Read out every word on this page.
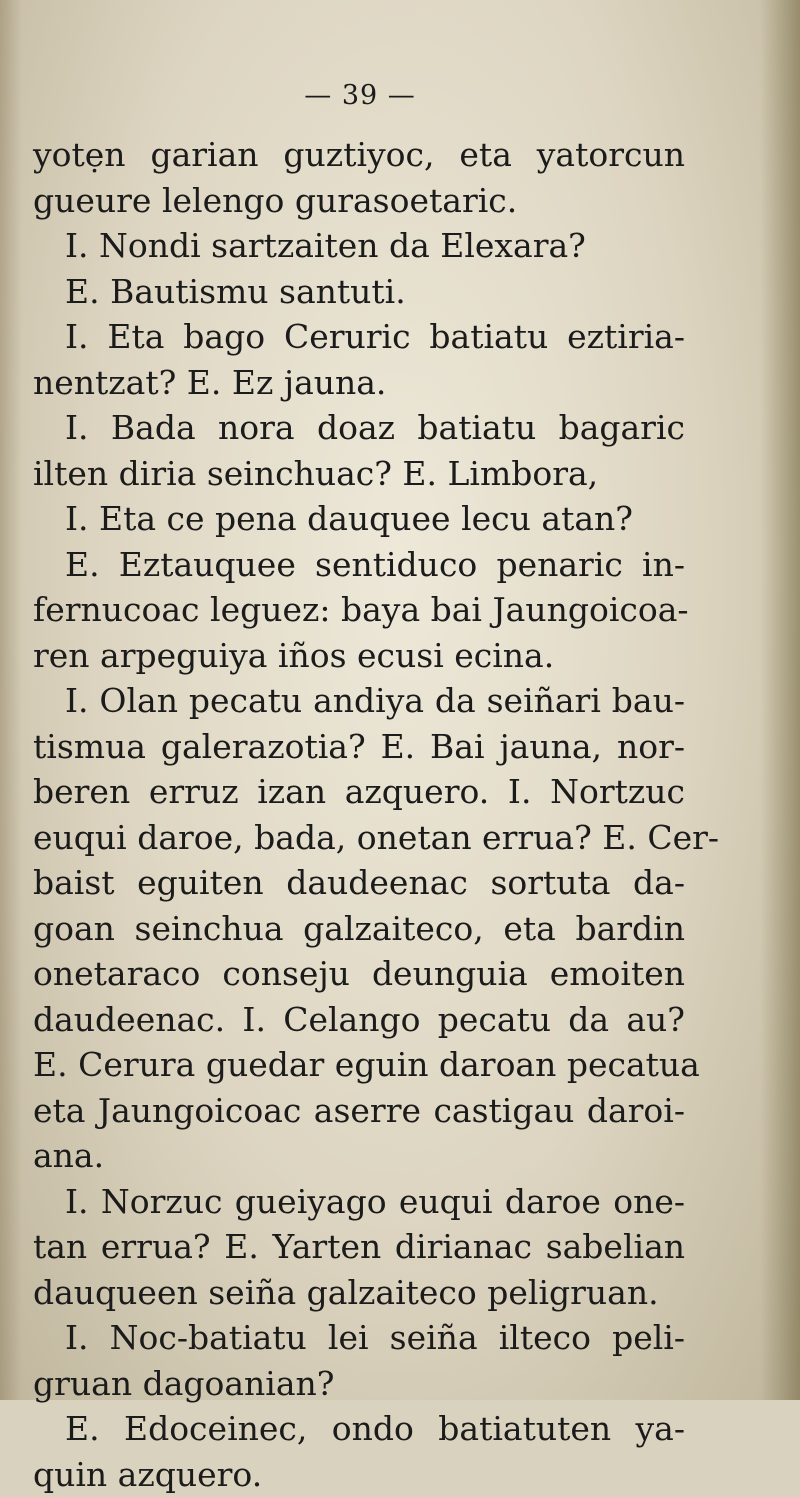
— 39 —
yotẹn garian guztiyoc, eta yatorcun
gueure lelengo gurasoetaric.
I. Nondi sartzaiten da Elexara?
E. Bautismu santuti.
I. Eta bago Ceruric batiatu eztiria-
nentzat? E. Ez jauna.
I. Bada nora doaz batiatu bagaric
ilten diria seinchuac? E. Limbora,
I. Eta ce pena dauquee lecu atan?
E. Eztauquee sentiduco penaric in-
fernucoac leguez: baya bai Jaungoicoa-
ren arpeguiya iños ecusi ecina.
I. Olan pecatu andiya da seiñari bau-
tismua galerazotia? E. Bai jauna, nor-
beren erruz izan azquero. I. Nortzuc
euqui daroe, bada, onetan errua? E. Cer-
baist eguiten daudeenac sortuta da-
goan seinchua galzaiteco, eta bardin
onetaraco conseju deunguia emoiten
daudeenac. I. Celango pecatu da au?
E. Cerura guedar eguin daroan pecatua
eta Jaungoicoac aserre castigau daroi-
ana.
I. Norzuc gueiyago euqui daroe one-
tan errua? E. Yarten dirianac sabelian
dauqueen seiña galzaiteco peligruan.
I. Noc-batiatu lei seiña ilteco peli-
gruan dagoanian?
E. Edoceinec, ondo batiatuten ya-
quin azquero.
